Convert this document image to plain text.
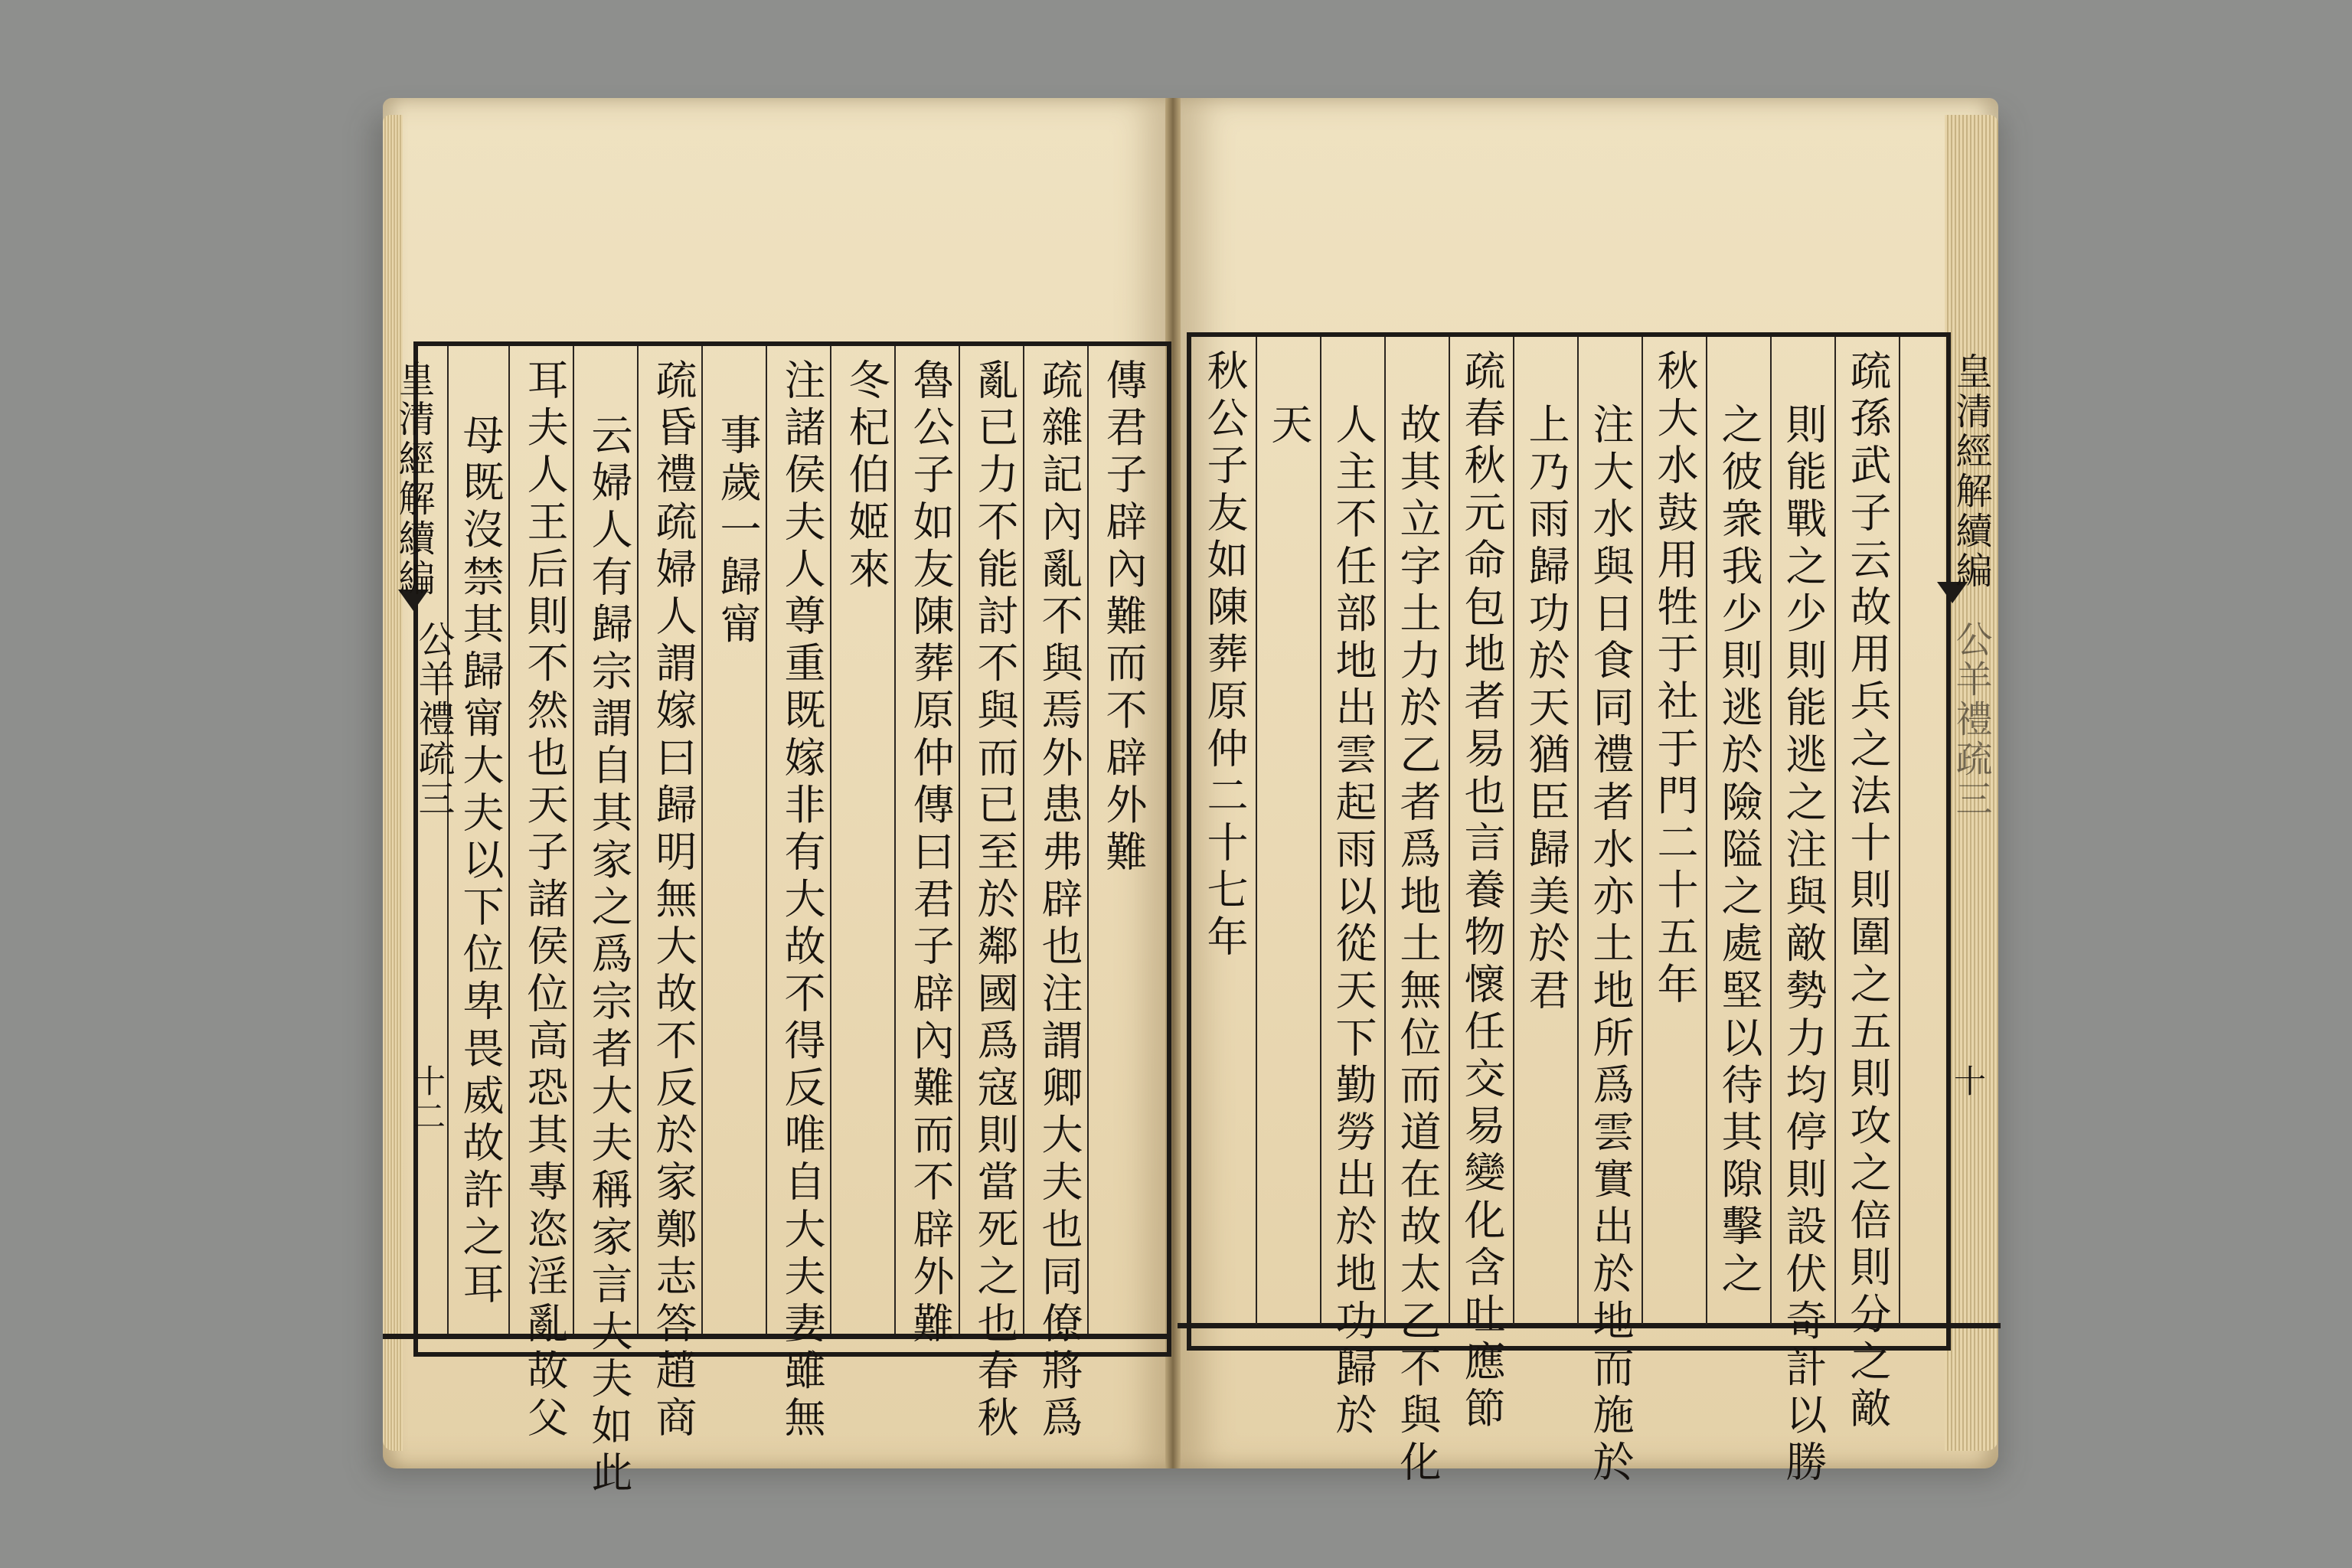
皇清經解續編
公羊禮疏三
十二
傳君子辟內難而不辟外難
疏雜記內亂不與焉外患弗辟也注謂卿大夫也同僚將爲
亂已力不能討不與而已至於鄰國爲寇則當死之也春秋
魯公子如友陳葬原仲傳曰君子辟內難而不辟外難
冬杞伯姬來
注諸侯夫人尊重既嫁非有大故不得反唯自大夫妻雖無
事歲一歸甯
疏昏禮疏婦人謂嫁曰歸明無大故不反於家鄭志答趙商
云婦人有歸宗謂自其家之爲宗者大夫稱家言大夫如此
耳夫人王后則不然也天子諸侯位高恐其專恣淫亂故父
母既沒禁其歸甯大夫以下位卑畏威故許之耳	皇清經解續編
公羊禮疏三
十
疏孫武子云故用兵之法十則圍之五則攻之倍則分之敵
則能戰之少則能逃之注與敵勢力均停則設伏奇計以勝
之彼衆我少則逃於險隘之處堅以待其隙擊之
秋大水鼓用牲于社于門二十五年
注大水與日食同禮者水亦土地所爲雲實出於地而施於
上乃雨歸功於天猶臣歸美於君
疏春秋元命包地者易也言養物懷任交易變化含吐應節
故其立字土力於乙者爲地土無位而道在故太乙不與化
人主不任部地出雲起雨以從天下勤勞出於地功歸於
天
秋公子友如陳葬原仲二十七年
